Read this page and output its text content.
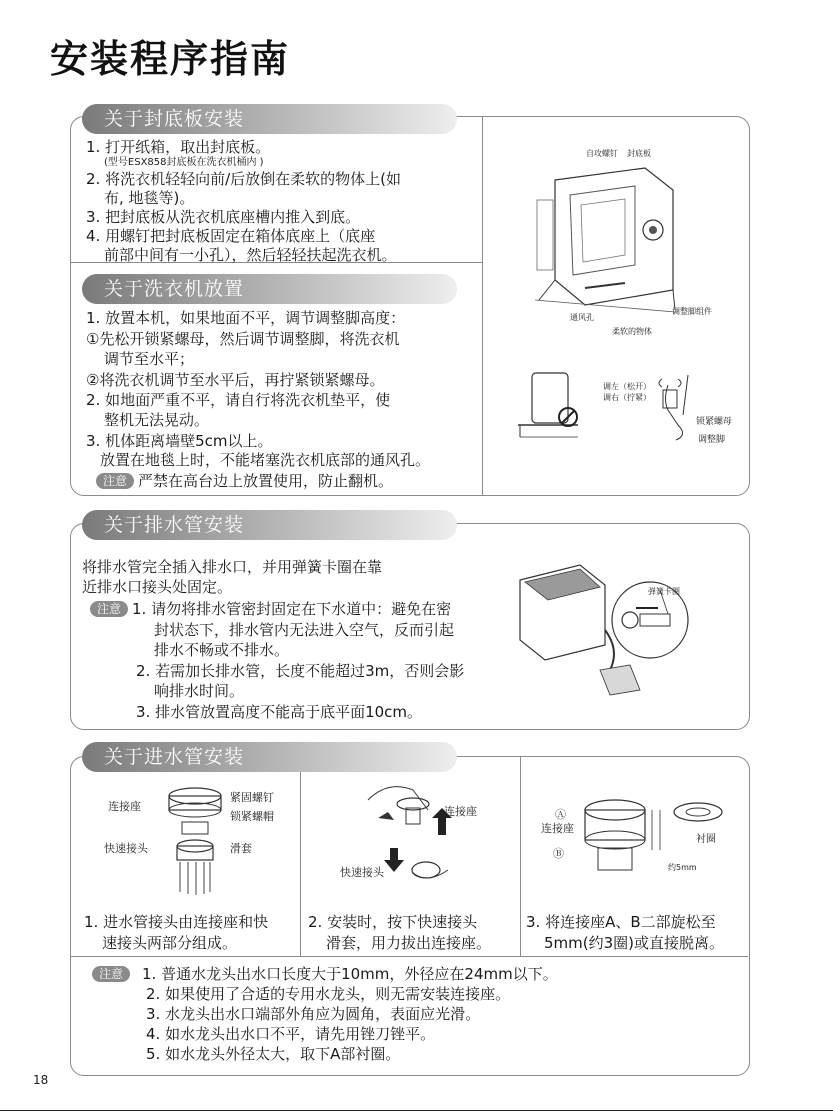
安装程序指南
关于封底板安装
1. 打开纸箱，取出封底板。
(型号ESX858封底板在洗衣机桶内 )
2. 将洗衣机轻轻向前/后放倒在柔软的物体上(如
布, 地毯等)。
3. 把封底板从洗衣机底座槽内推入到底。
4. 用螺钉把封底板固定在箱体底座上（底座
前部中间有一小孔），然后轻轻扶起洗衣机。
自攻螺钉 封底板
通风孔
柔软的物体
调整脚组件
关于洗衣机放置
1. 放置本机，如果地面不平，调节调整脚高度：
①先松开锁紧螺母，然后调节调整脚，将洗衣机
调节至水平；
②将洗衣机调节至水平后，再拧紧锁紧螺母。
2. 如地面严重不平，请自行将洗衣机垫平，使
整机无法晃动。
3. 机体距离墙壁5cm以上。
放置在地毯上时，不能堵塞洗衣机底部的通风孔。
注意 严禁在高台边上放置使用，防止翻机。
调左（松开）
调右（拧紧）
锁紧螺母
调整脚
关于排水管安装
将排水管完全插入排水口，并用弹簧卡圈在靠
近排水口接头处固定。
注意 1. 请勿将排水管密封固定在下水道中：避免在密
封状态下，排水管内无法进入空气，反而引起
排水不畅或不排水。
2. 若需加长排水管，长度不能超过3m，否则会影
响排水时间。
3. 排水管放置高度不能高于底平面10cm。
弹簧卡圈
关于进水管安装
连接座
紧固螺钉
锁紧螺帽
快速接头	滑套
连接座
快速接头
Ⓐ
连接座
Ⓑ
衬圈
约5mm
1. 进水管接头由连接座和快
速接头两部分组成。
2. 安装时，按下快速接头
滑套，用力拔出连接座。
3. 将连接座A、B二部旋松至
5mm(约3圈)或直接脱离。
注意 1. 普通水龙头出水口长度大于10mm，外径应在24mm以下。
2. 如果使用了合适的专用水龙头，则无需安装连接座。
3. 水龙头出水口端部外角应为圆角，表面应光滑。
4. 如水龙头出水口不平，请先用锉刀锉平。
5. 如水龙头外径太大，取下A部衬圈。
18
